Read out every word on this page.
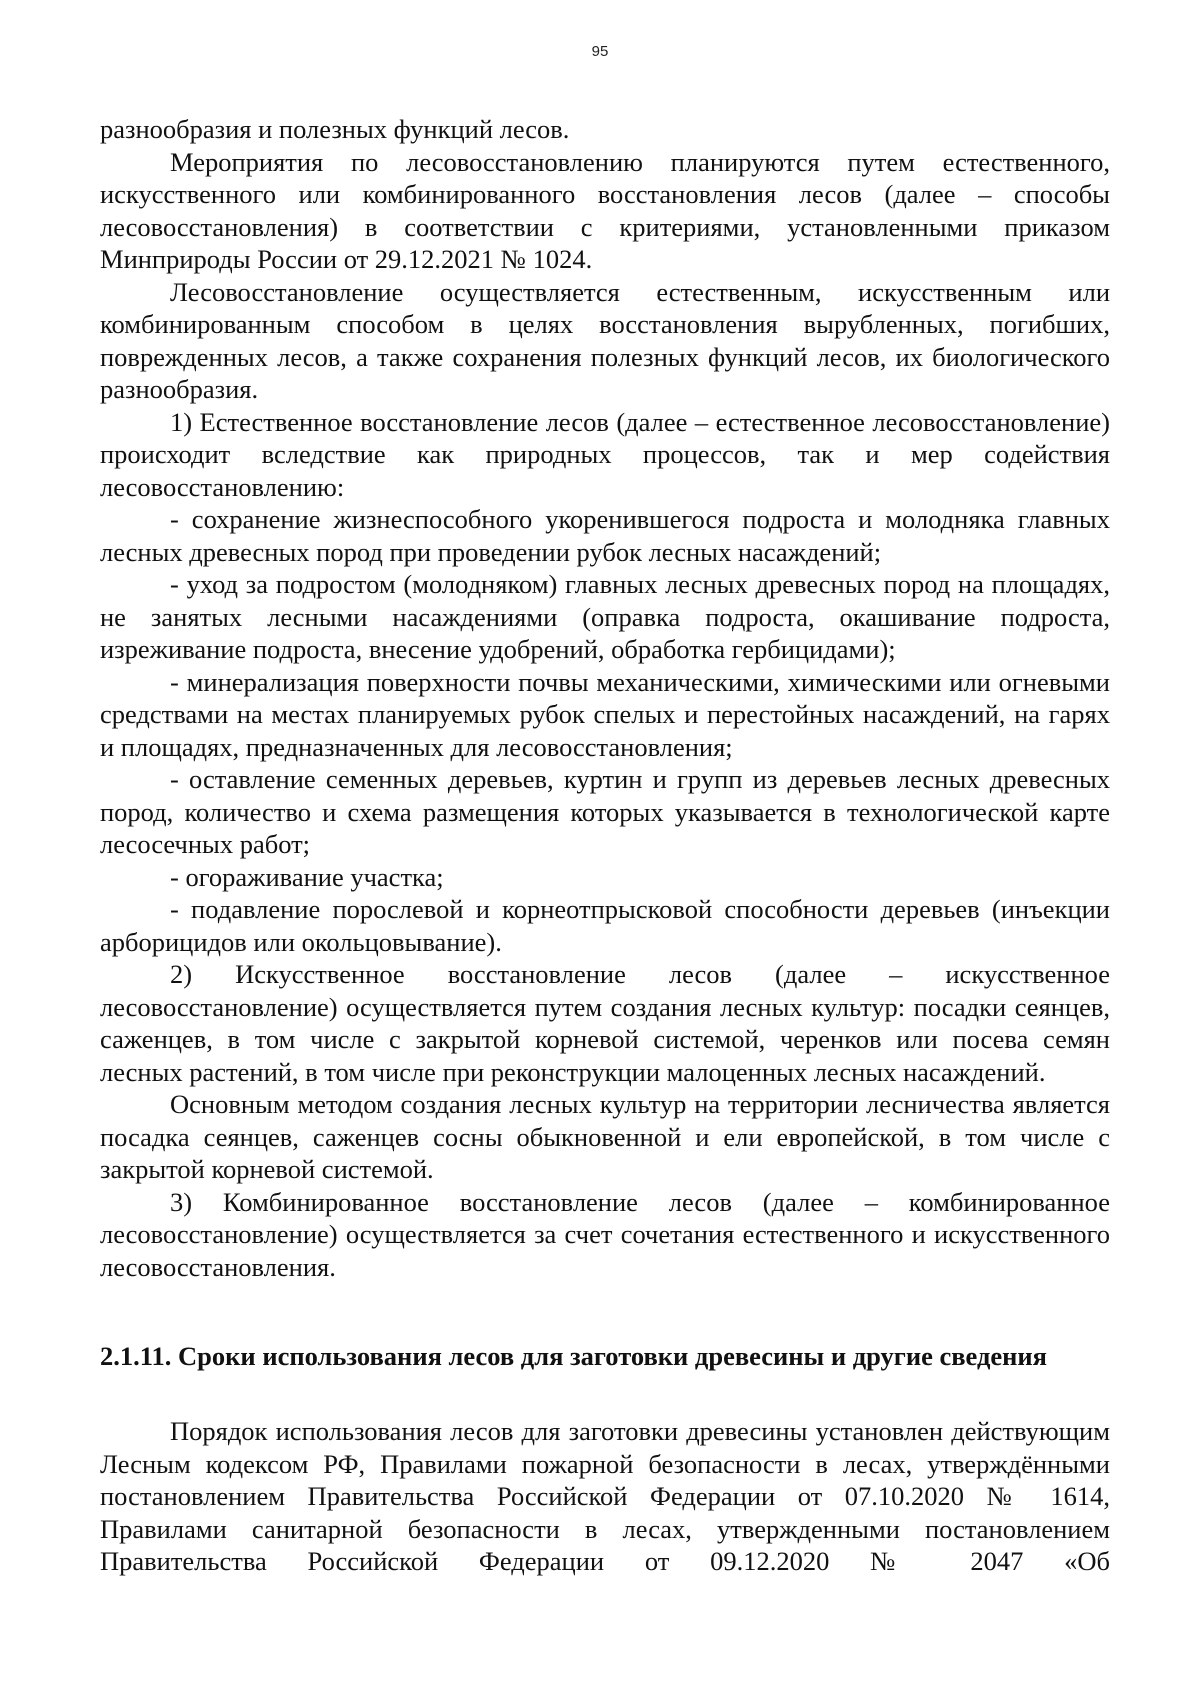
95

разнообразия и полезных функций лесов.

Мероприятия по лесовосстановлению планируются путем естественного, искусственного или комбинированного восстановления лесов (далее – способы лесовосстановления) в соответствии с критериями, установленными приказом Минприроды России от 29.12.2021 № 1024.

Лесовосстановление осуществляется естественным, искусственным или комбинированным способом в целях восстановления вырубленных, погибших, поврежденных лесов, а также сохранения полезных функций лесов, их биологического разнообразия.

1) Естественное восстановление лесов (далее – естественное лесовосстановление) происходит вследствие как природных процессов, так и мер содействия лесовосстановлению:

- сохранение жизнеспособного укоренившегося подроста и молодняка главных лесных древесных пород при проведении рубок лесных насаждений;

- уход за подростом (молодняком) главных лесных древесных пород на площадях, не занятых лесными насаждениями (оправка подроста, окашивание подроста, изреживание подроста, внесение удобрений, обработка гербицидами);

- минерализация поверхности почвы механическими, химическими или огневыми средствами на местах планируемых рубок спелых и перестойных насаждений, на гарях и площадях, предназначенных для лесовосстановления;

- оставление семенных деревьев, куртин и групп из деревьев лесных древесных пород, количество и схема размещения которых указывается в технологической карте лесосечных работ;

- огораживание участка;

- подавление порослевой и корнеотпрысковой способности деревьев (инъекции арборицидов или окольцовывание).

2) Искусственное восстановление лесов (далее – искусственное лесовосстановление) осуществляется путем создания лесных культур: посадки сеянцев, саженцев, в том числе с закрытой корневой системой, черенков или посева семян лесных растений, в том числе при реконструкции малоценных лесных насаждений.

Основным методом создания лесных культур на территории лесничества является посадка сеянцев, саженцев сосны обыкновенной и ели европейской, в том числе с закрытой корневой системой.

3) Комбинированное восстановление лесов (далее – комбинированное лесовосстановление) осуществляется за счет сочетания естественного и искусственного лесовосстановления.

2.1.11. Сроки использования лесов для заготовки древесины и другие сведения

Порядок использования лесов для заготовки древесины установлен действующим Лесным кодексом РФ, Правилами пожарной безопасности в лесах, утверждёнными постановлением Правительства Российской Федерации от 07.10.2020 № 1614, Правилами санитарной безопасности в лесах, утвержденными постановлением Правительства Российской Федерации от 09.12.2020 № 2047 «Об
